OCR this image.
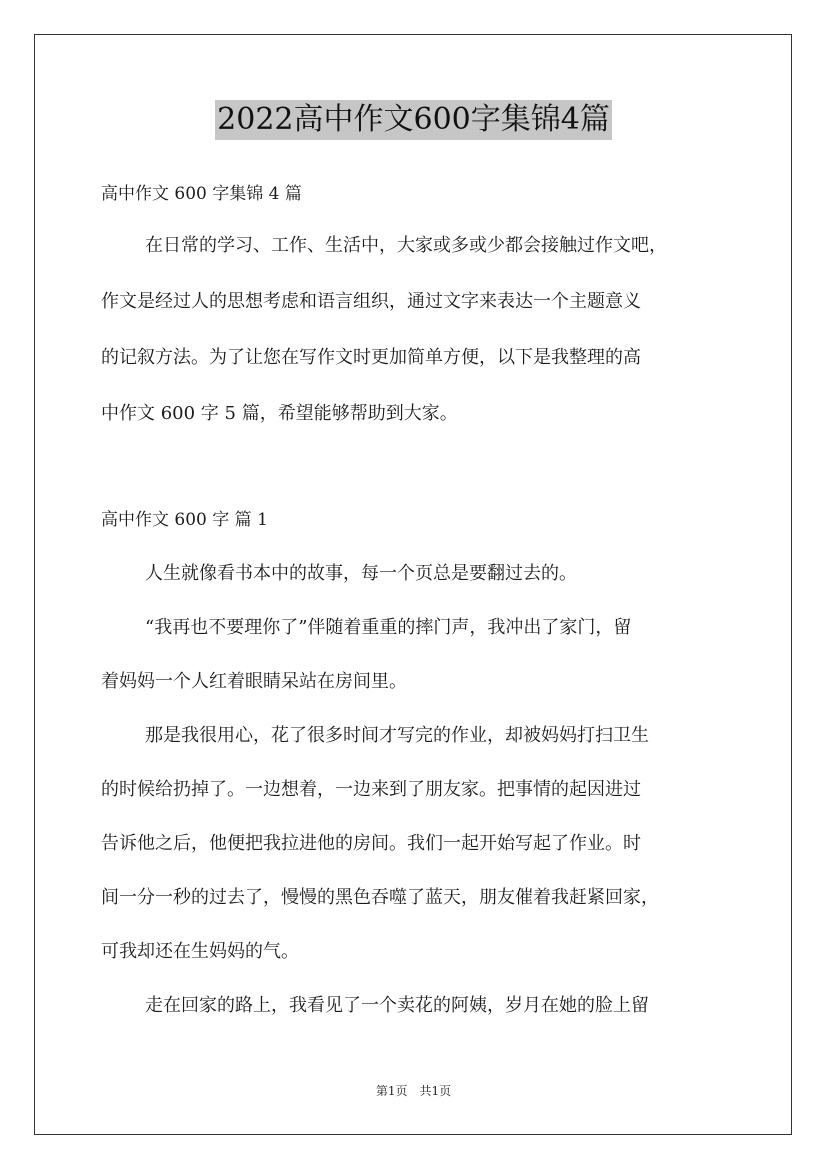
2022高中作文600字集锦4篇
高中作文 600 字集锦 4 篇
在日常的学习、工作、生活中，大家或多或少都会接触过作文吧，
作文是经过人的思想考虑和语言组织，通过文字来表达一个主题意义
的记叙方法。为了让您在写作文时更加简单方便，以下是我整理的高
中作文 600 字 5 篇，希望能够帮助到大家。
高中作文 600 字 篇 1
人生就像看书本中的故事，每一个页总是要翻过去的。
“我再也不要理你了”伴随着重重的摔门声，我冲出了家门，留
着妈妈一个人红着眼睛呆站在房间里。
那是我很用心，花了很多时间才写完的作业，却被妈妈打扫卫生
的时候给扔掉了。一边想着，一边来到了朋友家。把事情的起因进过
告诉他之后，他便把我拉进他的房间。我们一起开始写起了作业。时
间一分一秒的过去了，慢慢的黑色吞噬了蓝天，朋友催着我赶紧回家，
可我却还在生妈妈的气。
走在回家的路上，我看见了一个卖花的阿姨，岁月在她的脸上留
第1页 共1页
